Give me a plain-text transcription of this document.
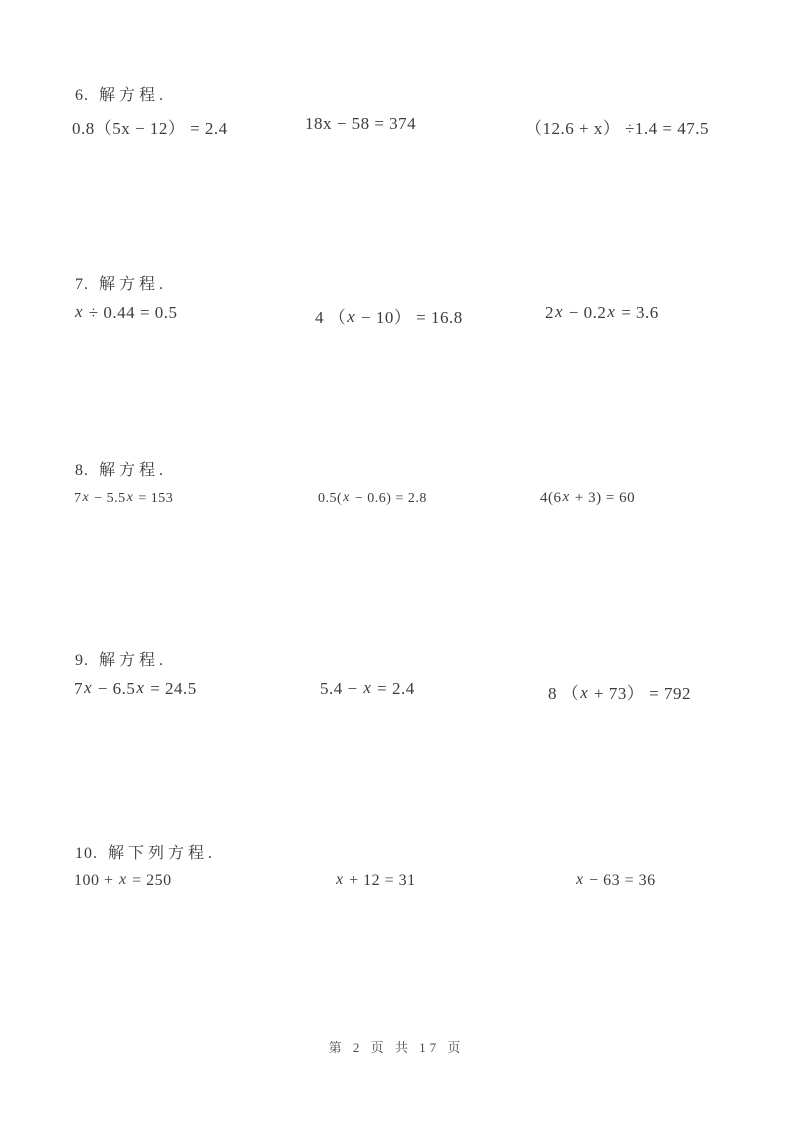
6. 解方程.
0.8（5x − 12） = 2.4	18x − 58 = 374	（12.6 + x） ÷1.4 = 47.5
7. 解方程.
x ÷ 0.44 = 0.5	4 （x − 10） = 16.8	2x − 0.2x = 3.6
8. 解方程.
7x − 5.5x = 153	0.5(x − 0.6) = 2.8	4(6x + 3) = 60
9. 解方程.
7x − 6.5x = 24.5	5.4 − x = 2.4	8 （x + 73） = 792
10. 解下列方程.
100 + x = 250	x + 12 = 31	x − 63 = 36
第 2 页 共 17 页
